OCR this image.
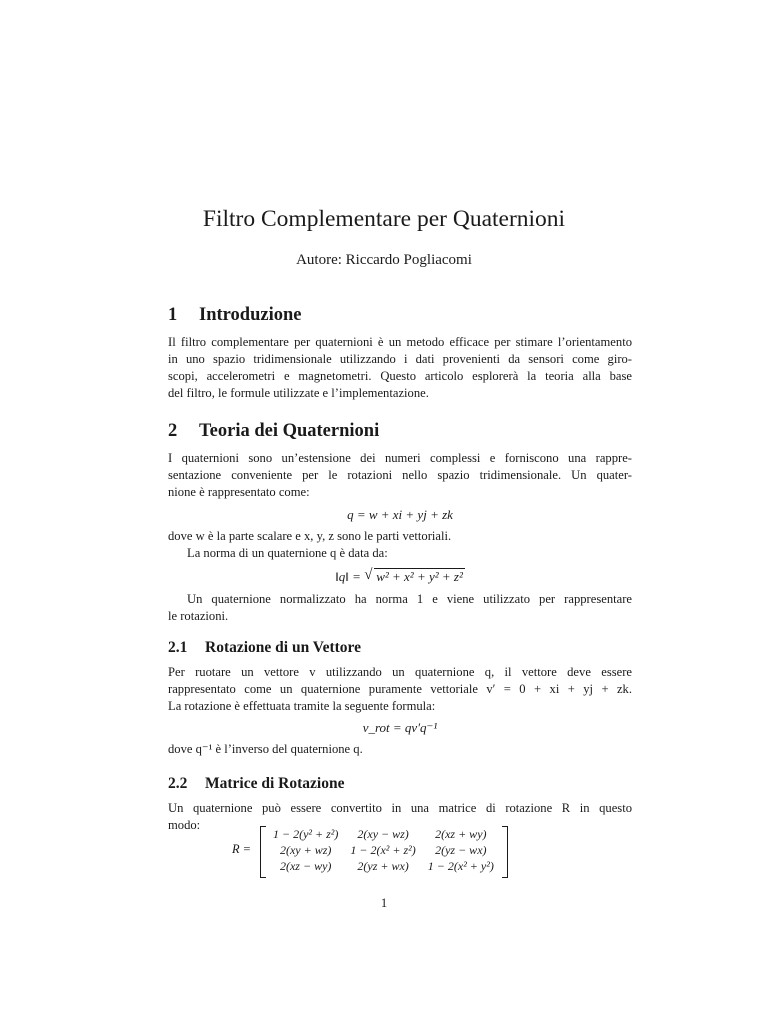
Filtro Complementare per Quaternioni
Autore: Riccardo Pogliacomi
1 Introduzione
Il filtro complementare per quaternioni è un metodo efficace per stimare l’orientamento
in uno spazio tridimensionale utilizzando i dati provenienti da sensori come giro-
scopi, accelerometri e magnetometri. Questo articolo esplorerà la teoria alla base
del filtro, le formule utilizzate e l’implementazione.
2 Teoria dei Quaternioni
I quaternioni sono un’estensione dei numeri complessi e forniscono una rappre-
sentazione conveniente per le rotazioni nello spazio tridimensionale. Un quater-
nione è rappresentato come:
q = w + xi + yj + zk
dove w è la parte scalare e x, y, z sono le parti vettoriali.
La norma di un quaternione q è data da:
‖q‖ = √ w² + x² + y² + z²
Un quaternione normalizzato ha norma 1 e viene utilizzato per rappresentare
le rotazioni.
2.1 Rotazione di un Vettore
Per ruotare un vettore v utilizzando un quaternione q, il vettore deve essere
rappresentato come un quaternione puramente vettoriale v′ = 0 + xi + yj + zk.
La rotazione è effettuata tramite la seguente formula:
v_rot = qv′q⁻¹
dove q⁻¹ è l’inverso del quaternione q.
2.2 Matrice di Rotazione
Un quaternione può essere convertito in una matrice di rotazione R in questo
modo:
R =
1 − 2(y² + z²)	2(xy − wz)	2(xz + wy)
2(xy + wz)	1 − 2(x² + z²)	2(yz − wx)
2(xz − wy)	2(yz + wx)	1 − 2(x² + y²)
1
